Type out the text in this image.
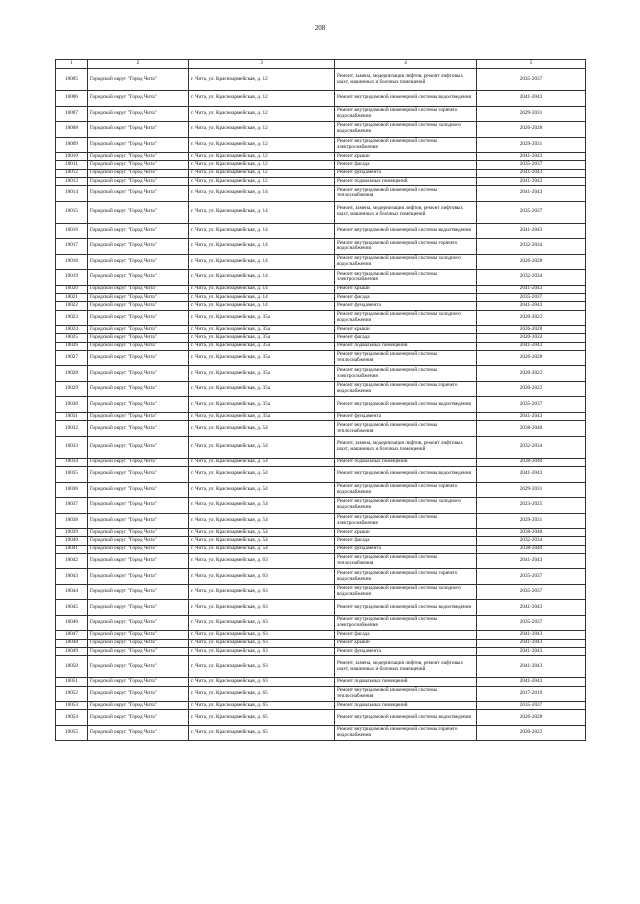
208
1	2	3	4	5
10005	Городской округ "Город Чита"	г. Чита, ул. Красноармейская, д. 12	Ремонт, замена, модернизация лифтов, ремонт лифтовых шахт, машинных и блочных помещений	2035-2037
10006	Городской округ "Город Чита"	г. Чита, ул. Красноармейская, д. 12	Ремонт внутридомовой инженерной системы водоотведения	2041-2043
10007	Городской округ "Город Чита"	г. Чита, ул. Красноармейская, д. 12	Ремонт внутридомовой инженерной системы горячего водоснабжения	2029-2031
10008	Городской округ "Город Чита"	г. Чита, ул. Красноармейская, д. 12	Ремонт внутридомовой инженерной системы холодного водоснабжения	2026-2028
10009	Городской округ "Город Чита"	г. Чита, ул. Красноармейская, д. 12	Ремонт внутридомовой инженерной системы электроснабжения	2029-2031
10010	Городской округ "Город Чита"	г. Чита, ул. Красноармейская, д. 12	Ремонт крыши	2041-2043
10011	Городской округ "Город Чита"	г. Чита, ул. Красноармейская, д. 12	Ремонт фасада	2035-2037
10012	Городской округ "Город Чита"	г. Чита, ул. Красноармейская, д. 12	Ремонт фундамента	2041-2043
10013	Городской округ "Город Чита"	г. Чита, ул. Красноармейская, д. 12	Ремонт подвальных помещений	2041-2043
10014	Городской округ "Город Чита"	г. Чита, ул. Красноармейская, д. 14	Ремонт внутридомовой инженерной системы теплоснабжения	2041-2043
10015	Городской округ "Город Чита"	г. Чита, ул. Красноармейская, д. 14	Ремонт, замена, модернизация лифтов, ремонт лифтовых шахт, машинных и блочных помещений	2035-2037
10016	Городской округ "Город Чита"	г. Чита, ул. Красноармейская, д. 14	Ремонт внутридомовой инженерной системы водоотведения	2041-2043
10017	Городской округ "Город Чита"	г. Чита, ул. Красноармейская, д. 14	Ремонт внутридомовой инженерной системы горячего водоснабжения	2032-2034
10018	Городской округ "Город Чита"	г. Чита, ул. Красноармейская, д. 14	Ремонт внутридомовой инженерной системы холодного водоснабжения	2026-2028
10019	Городской округ "Город Чита"	г. Чита, ул. Красноармейская, д. 14	Ремонт внутридомовой инженерной системы электроснабжения	2032-2034
10020	Городской округ "Город Чита"	г. Чита, ул. Красноармейская, д. 14	Ремонт крыши	2041-2043
10021	Городской округ "Город Чита"	г. Чита, ул. Красноармейская, д. 14	Ремонт фасада	2035-2037
10022	Городской округ "Город Чита"	г. Чита, ул. Красноармейская, д. 14	Ремонт фундамента	2041-2043
10023	Городской округ "Город Чита"	г. Чита, ул. Красноармейская, д. 35а	Ремонт внутридомовой инженерной системы холодного водоснабжения	2020-2022
10024	Городской округ "Город Чита"	г. Чита, ул. Красноармейская, д. 35а	Ремонт крыши	2026-2028
10025	Городской округ "Город Чита"	г. Чита, ул. Красноармейская, д. 35а	Ремонт фасада	2020-2022
10026	Городской округ "Город Чита"	г. Чита, ул. Красноармейская, д. 35а	Ремонт подвальных помещений	2041-2043
10027	Городской округ "Город Чита"	г. Чита, ул. Красноармейская, д. 35а	Ремонт внутридомовой инженерной системы теплоснабжения	2026-2028
10028	Городской округ "Город Чита"	г. Чита, ул. Красноармейская, д. 35а	Ремонт внутридомовой инженерной системы электроснабжения	2020-2022
10029	Городской округ "Город Чита"	г. Чита, ул. Красноармейская, д. 35а	Ремонт внутридомовой инженерной системы горячего водоснабжения	2020-2022
10030	Городской округ "Город Чита"	г. Чита, ул. Красноармейская, д. 35а	Ремонт внутридомовой инженерной системы водоотведения	2035-2037
10031	Городской округ "Город Чита"	г. Чита, ул. Красноармейская, д. 35а	Ремонт фундамента	2041-2043
10032	Городской округ "Город Чита"	г. Чита, ул. Красноармейская, д. 54	Ремонт внутридомовой инженерной системы теплоснабжения	2038-2040
10033	Городской округ "Город Чита"	г. Чита, ул. Красноармейская, д. 54	Ремонт, замена, модернизация лифтов, ремонт лифтовых шахт, машинных и блочных помещений	2032-2034
10034	Городской округ "Город Чита"	г. Чита, ул. Красноармейская, д. 54	Ремонт подвальных помещений	2038-2040
10035	Городской округ "Город Чита"	г. Чита, ул. Красноармейская, д. 54	Ремонт внутридомовой инженерной системы водоотведения	2041-2043
10036	Городской округ "Город Чита"	г. Чита, ул. Красноармейская, д. 54	Ремонт внутридомовой инженерной системы горячего водоснабжения	2029-2031
10037	Городской округ "Город Чита"	г. Чита, ул. Красноармейская, д. 54	Ремонт внутридомовой инженерной системы холодного водоснабжения	2023-2025
10038	Городской округ "Город Чита"	г. Чита, ул. Красноармейская, д. 54	Ремонт внутридомовой инженерной системы электроснабжения	2029-2031
10039	Городской округ "Город Чита"	г. Чита, ул. Красноармейская, д. 54	Ремонт крыши	2038-2040
10040	Городской округ "Город Чита"	г. Чита, ул. Красноармейская, д. 54	Ремонт фасада	2032-2034
10041	Городской округ "Город Чита"	г. Чита, ул. Красноармейская, д. 54	Ремонт фундамента	2038-2040
10042	Городской округ "Город Чита"	г. Чита, ул. Красноармейская, д. 63	Ремонт внутридомовой инженерной системы теплоснабжения	2041-2043
10043	Городской округ "Город Чита"	г. Чита, ул. Красноармейская, д. 63	Ремонт внутридомовой инженерной системы горячего водоснабжения	2035-2037
10044	Городской округ "Город Чита"	г. Чита, ул. Красноармейская, д. 63	Ремонт внутридомовой инженерной системы холодного водоснабжения	2035-2037
10045	Городской округ "Город Чита"	г. Чита, ул. Красноармейская, д. 63	Ремонт внутридомовой инженерной системы водоотведения	2041-2043
10046	Городской округ "Город Чита"	г. Чита, ул. Красноармейская, д. 63	Ремонт внутридомовой инженерной системы электроснабжения	2035-2037
10047	Городской округ "Город Чита"	г. Чита, ул. Красноармейская, д. 63	Ремонт фасада	2041-2043
10048	Городской округ "Город Чита"	г. Чита, ул. Красноармейская, д. 63	Ремонт крыши	2041-2043
10049	Городской округ "Город Чита"	г. Чита, ул. Красноармейская, д. 63	Ремонт фундамента	2041-2043
10050	Городской округ "Город Чита"	г. Чита, ул. Красноармейская, д. 63	Ремонт, замена, модернизация лифтов, ремонт лифтовых шахт, машинных и блочных помещений	2041-2043
10051	Городской округ "Город Чита"	г. Чита, ул. Красноармейская, д. 63	Ремонт подвальных помещений	2041-2043
10052	Городской округ "Город Чита"	г. Чита, ул. Красноармейская, д. 65	Ремонт внутридомовой инженерной системы теплоснабжения	2017-2019
10053	Городской округ "Город Чита"	г. Чита, ул. Красноармейская, д. 65	Ремонт подвальных помещений	2035-2037
10054	Городской округ "Город Чита"	г. Чита, ул. Красноармейская, д. 65	Ремонт внутридомовой инженерной системы водоотведения	2026-2028
10055	Городской округ "Город Чита"	г. Чита, ул. Красноармейская, д. 65	Ремонт внутридомовой инженерной системы горячего водоснабжения	2020-2022
